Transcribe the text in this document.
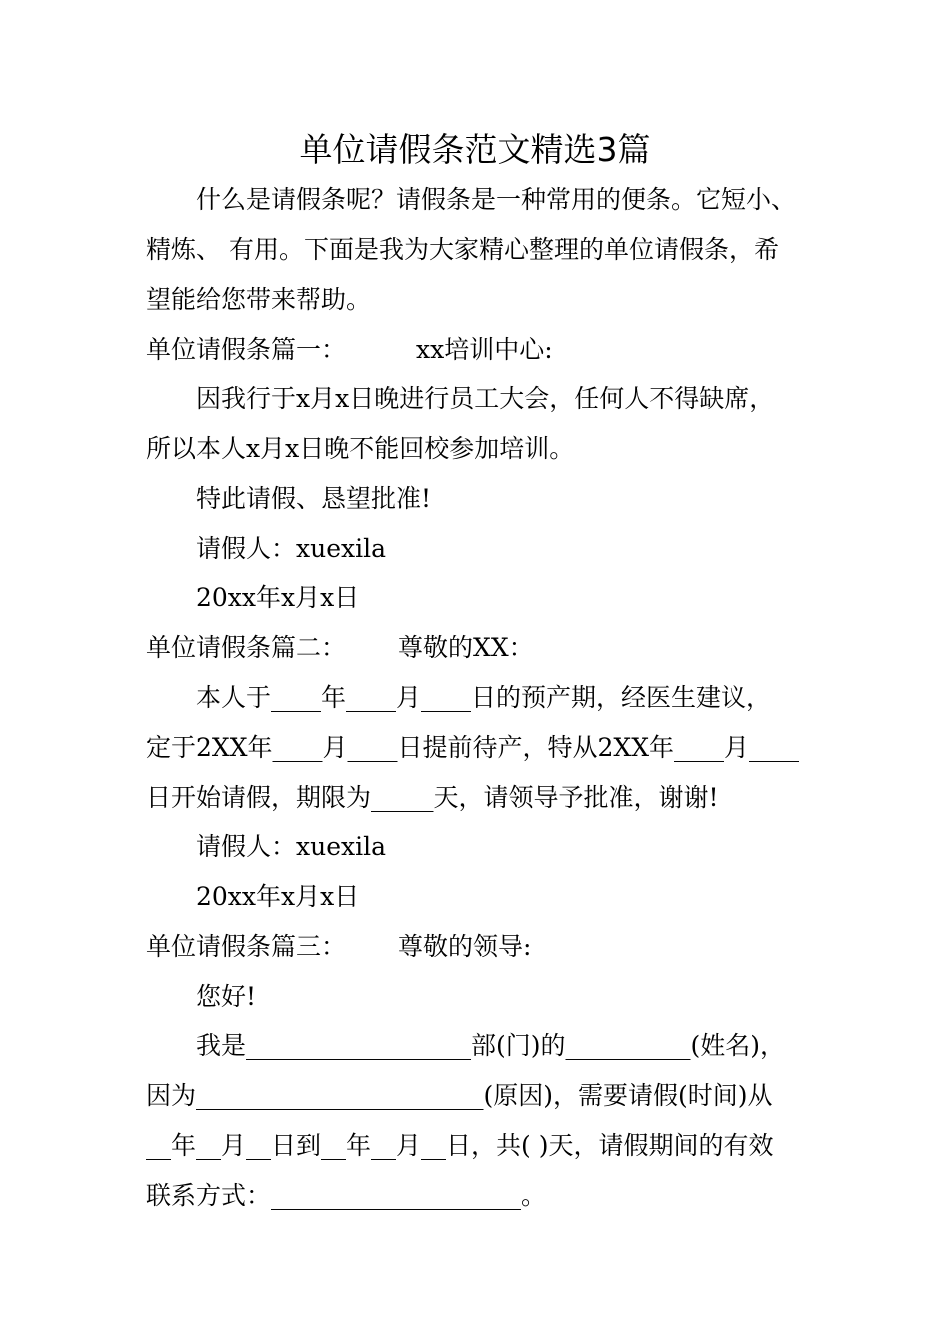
单位请假条范文精选3篇
什么是请假条呢？请假条是一种常用的便条。它短小、
精炼、 有用。下面是我为大家精心整理的单位请假条，希
望能给您带来帮助。
单位请假条篇一：	xx培训中心:
因我行于x月x日晚进行员工大会，任何人不得缺席，
所以本人x月x日晚不能回校参加培训。
特此请假、恳望批准!
请假人：xuexila
20xx年x月x日
单位请假条篇二： 尊敬的XX：
本人于____年____月____日的预产期，经医生建议，
定于2XX年____月____日提前待产，特从2XX年____月____
日开始请假，期限为_____天，请领导予批准，谢谢!
请假人：xuexila
20xx年x月x日
单位请假条篇三： 尊敬的领导:
您好!
我是__________________部(门)的__________(姓名)，
因为_______________________(原因)，需要请假(时间)从
__年__月__日到__年__月__日，共( )天，请假期间的有效
联系方式：____________________。
